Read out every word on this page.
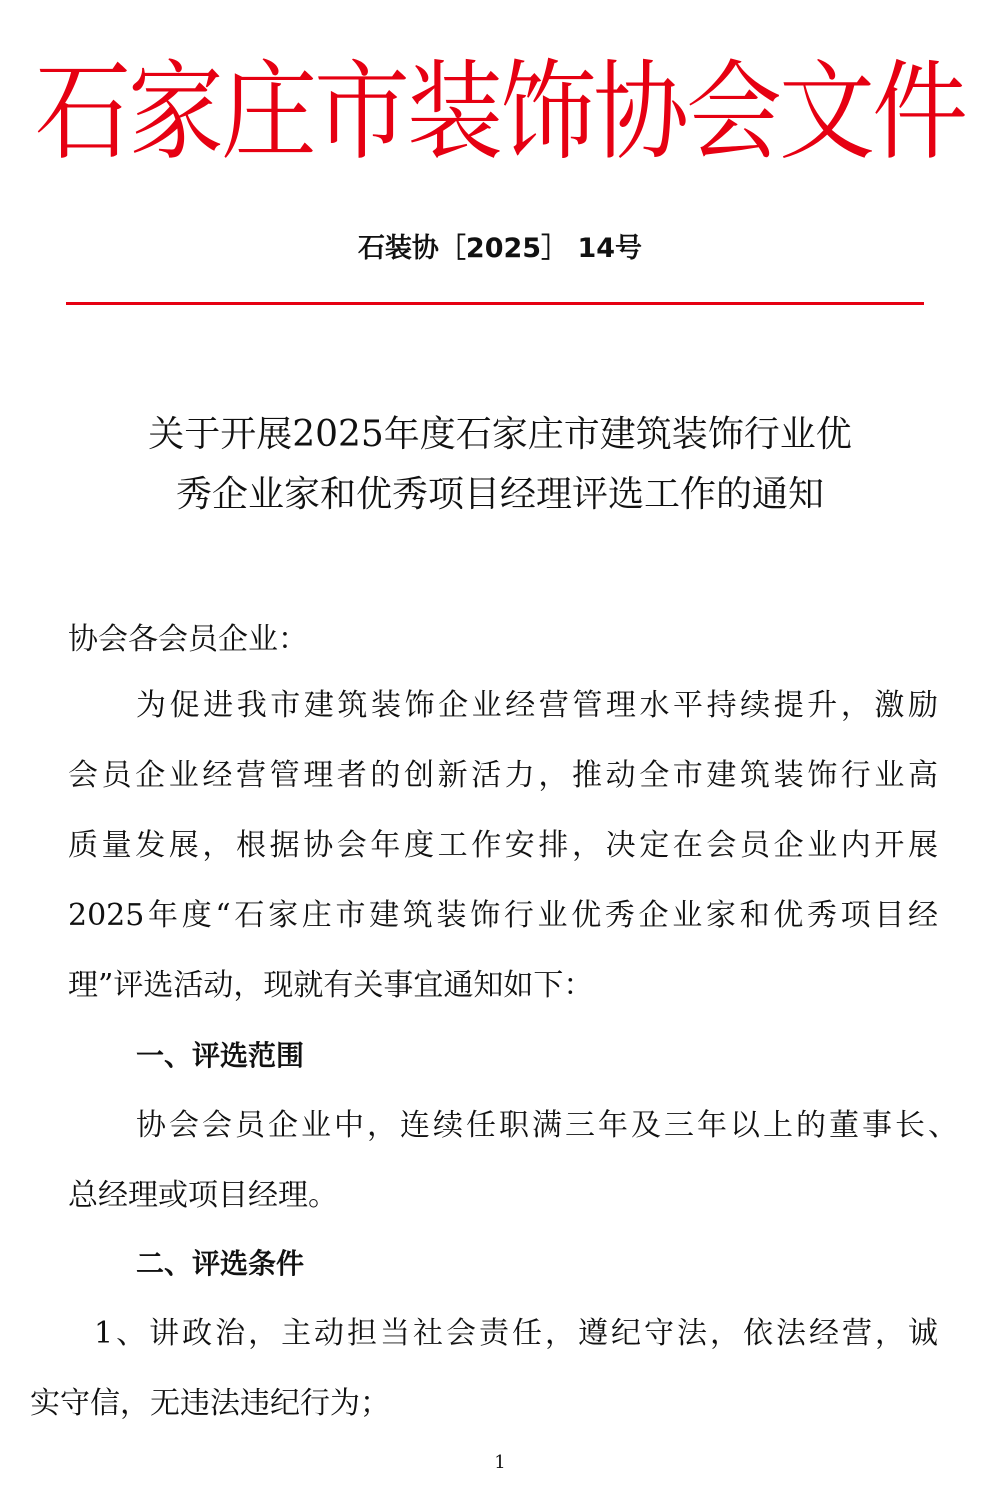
石家庄市装饰协会文件
石装协［2025］ 14号
关于开展2025年度石家庄市建筑装饰行业优
秀企业家和优秀项目经理评选工作的通知
协会各会员企业：
为促进我市建筑装饰企业经营管理水平持续提升，激励
会员企业经营管理者的创新活力，推动全市建筑装饰行业高
质量发展，根据协会年度工作安排，决定在会员企业内开展
2025年度“石家庄市建筑装饰行业优秀企业家和优秀项目经
理”评选活动，现就有关事宜通知如下：
一、评选范围
协会会员企业中，连续任职满三年及三年以上的董事长、
总经理或项目经理。
二、评选条件
1、讲政治，主动担当社会责任，遵纪守法，依法经营，诚
实守信，无违法违纪行为；
1
